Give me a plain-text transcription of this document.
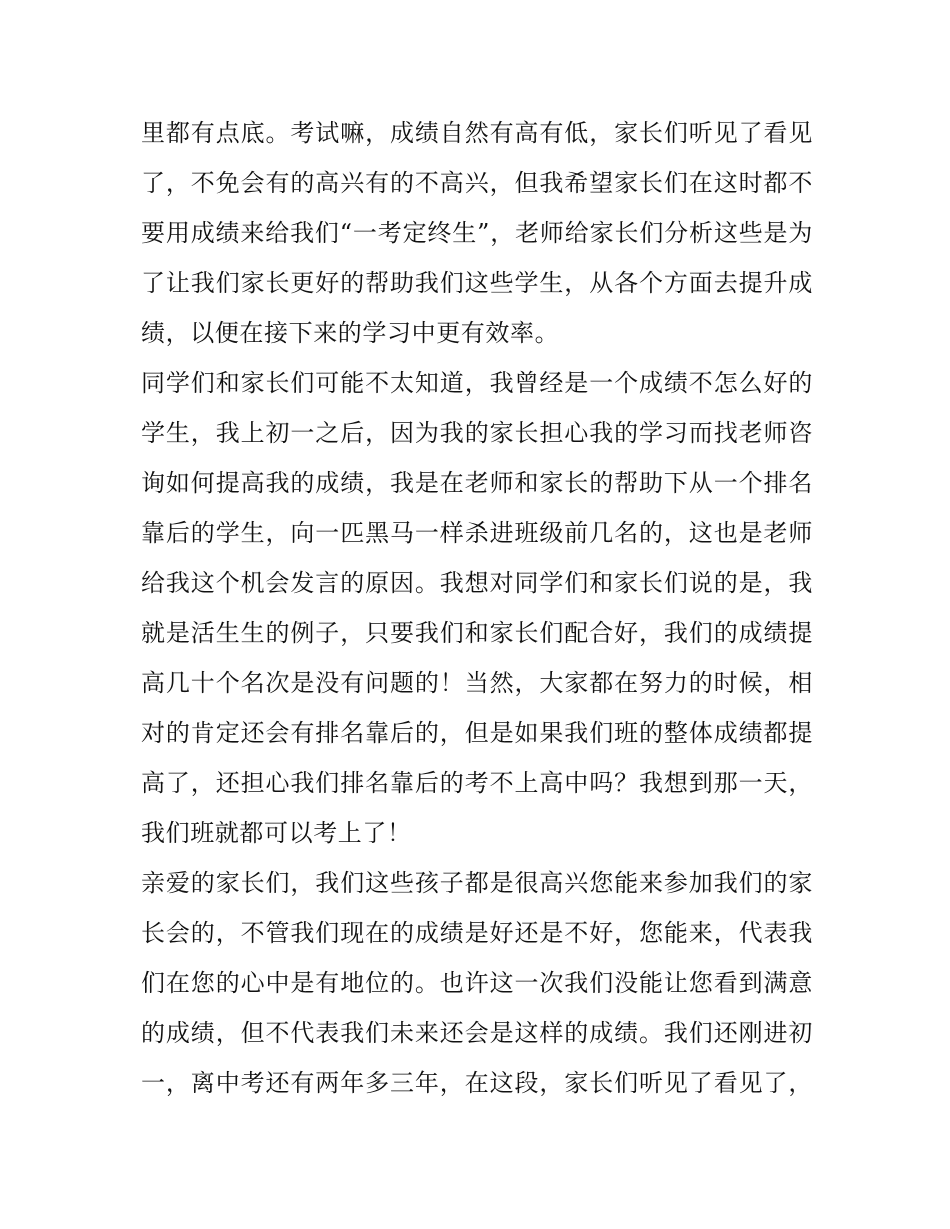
里都有点底。考试嘛，成绩自然有高有低，家长们听见了看见
了，不免会有的高兴有的不高兴，但我希望家长们在这时都不
要用成绩来给我们“一考定终生”，老师给家长们分析这些是为
了让我们家长更好的帮助我们这些学生，从各个方面去提升成
绩，以便在接下来的学习中更有效率。
同学们和家长们可能不太知道，我曾经是一个成绩不怎么好的
学生，我上初一之后，因为我的家长担心我的学习而找老师咨
询如何提高我的成绩，我是在老师和家长的帮助下从一个排名
靠后的学生，向一匹黑马一样杀进班级前几名的，这也是老师
给我这个机会发言的原因。我想对同学们和家长们说的是，我
就是活生生的例子，只要我们和家长们配合好，我们的成绩提
高几十个名次是没有问题的！当然，大家都在努力的时候，相
对的肯定还会有排名靠后的，但是如果我们班的整体成绩都提
高了，还担心我们排名靠后的考不上高中吗？我想到那一天，
我们班就都可以考上了！
亲爱的家长们，我们这些孩子都是很高兴您能来参加我们的家
长会的，不管我们现在的成绩是好还是不好，您能来，代表我
们在您的心中是有地位的。也许这一次我们没能让您看到满意
的成绩，但不代表我们未来还会是这样的成绩。我们还刚进初
一，离中考还有两年多三年，在这段，家长们听见了看见了，
